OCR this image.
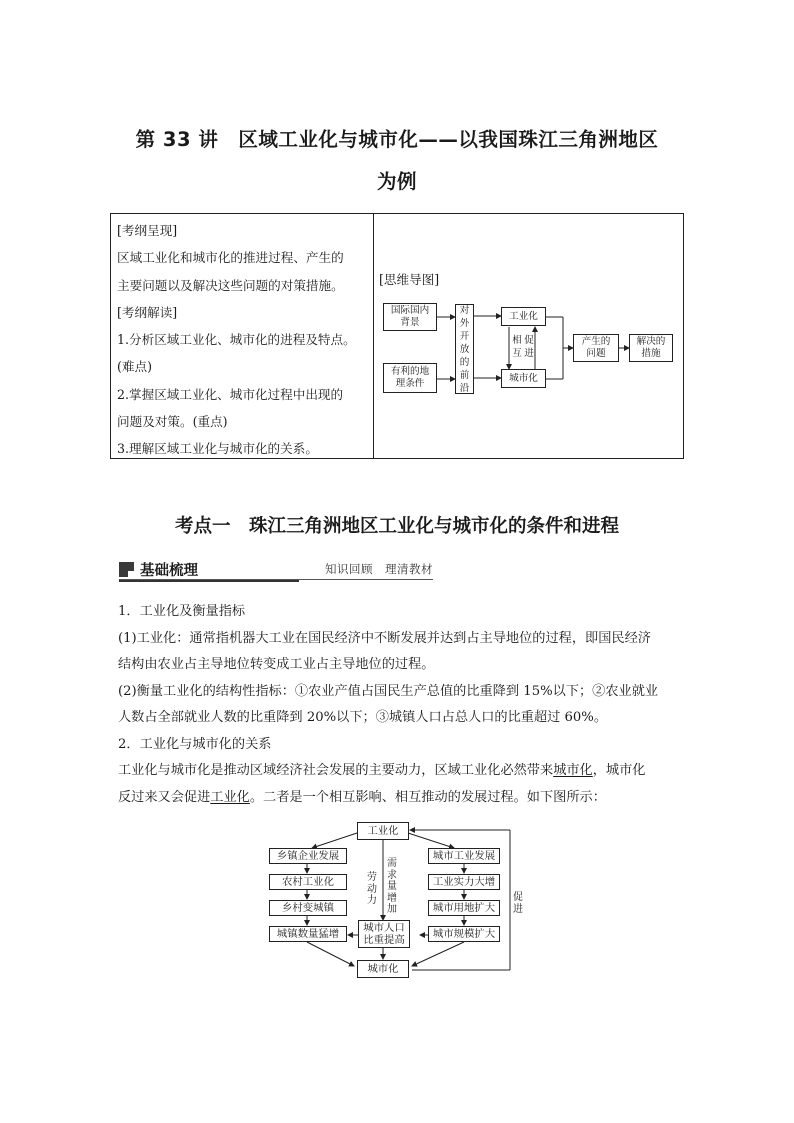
第 33 讲　区域工业化与城市化——以我国珠江三角洲地区
为例
[考纲呈现]
区域工业化和城市化的推进过程、产生的
主要问题以及解决这些问题的对策措施。
[考纲解读]
1.分析区域工业化、城市化的进程及特点。
(难点)
2.掌握区域工业化、城市化过程中出现的
问题及对策。(重点)
3.理解区域工业化与城市化的关系。
[思维导图]
国际国内背景
有利的地理条件
对外开放的前沿
工业化
城市化
相互
促进
产生的问题
解决的措施
考点一　珠江三角洲地区工业化与城市化的条件和进程
基础梳理	知识回顾　理清教材
1．工业化及衡量指标
(1)工业化：通常指机器大工业在国民经济中不断发展并达到占主导地位的过程，即国民经济
结构由农业占主导地位转变成工业占主导地位的过程。
(2)衡量工业化的结构性指标：①农业产值占国民生产总值的比重降到 15%以下；②农业就业
人数占全部就业人数的比重降到 20%以下；③城镇人口占总人口的比重超过 60%。
2．工业化与城市化的关系
工业化与城市化是推动区域经济社会发展的主要动力，区域工业化必然带来城市化，城市化
反过来又会促进工业化。二者是一个相互影响、相互推动的发展过程。如下图所示：
工业化
乡镇企业发展
农村工业化
乡村变城镇
城镇数量猛增
城市工业发展
工业实力大增
城市用地扩大
城市规模扩大
城市人口比重提高
城市化
劳动力
需求量增加
促进
